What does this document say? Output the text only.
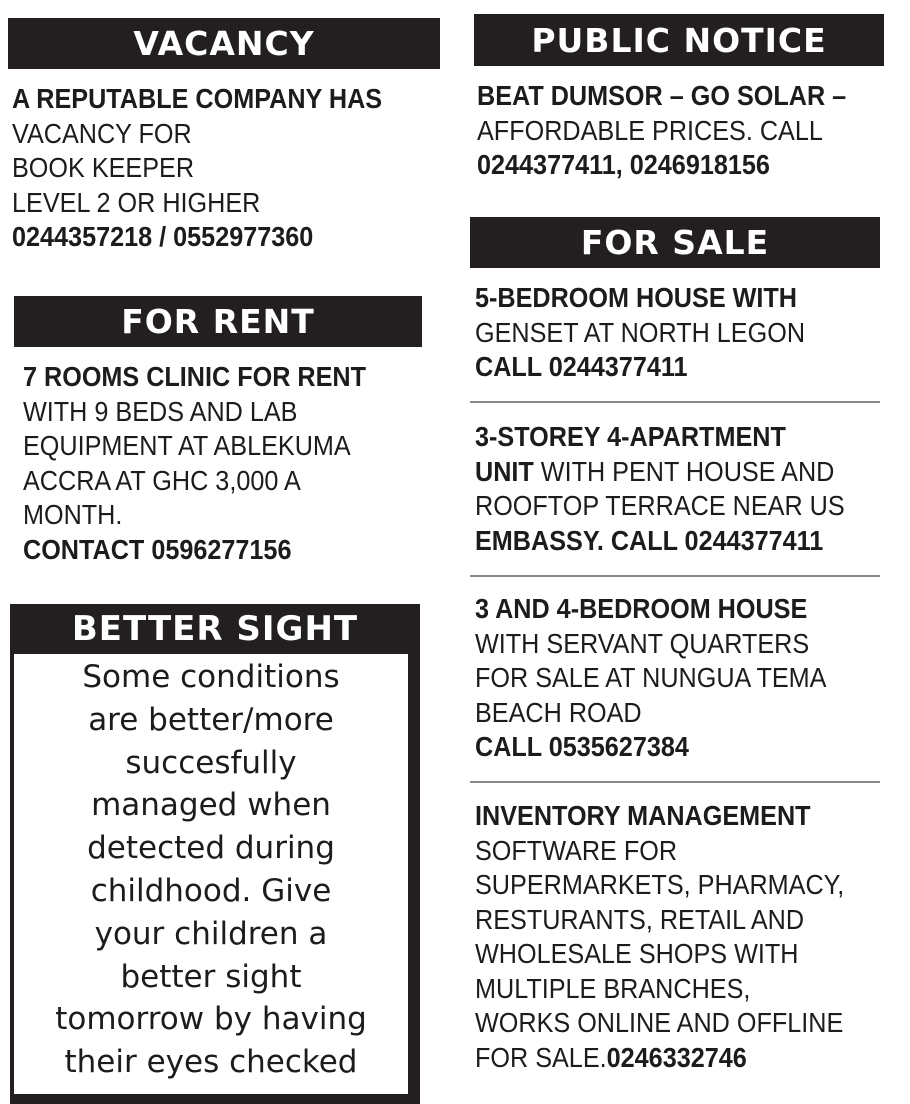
VACANCY
A REPUTABLE COMPANY HAS
VACANCY FOR
BOOK KEEPER
LEVEL 2 OR HIGHER
0244357218 / 0552977360
FOR RENT
7 ROOMS CLINIC FOR RENT
WITH 9 BEDS AND LAB
EQUIPMENT AT ABLEKUMA
ACCRA AT GHC 3,000 A
MONTH.
CONTACT 0596277156
BETTER SIGHT
Some conditions
are better/more
succesfully
managed when
detected during
childhood. Give
your children a
better sight
tomorrow by having
their eyes checked
PUBLIC NOTICE
BEAT DUMSOR – GO SOLAR –
AFFORDABLE PRICES. CALL
0244377411, 0246918156
FOR SALE
5-BEDROOM HOUSE WITH
GENSET AT NORTH LEGON
CALL 0244377411
3-STOREY 4-APARTMENT
UNIT WITH PENT HOUSE AND
ROOFTOP TERRACE NEAR US
EMBASSY. CALL 0244377411
3 AND 4-BEDROOM HOUSE
WITH SERVANT QUARTERS
FOR SALE AT NUNGUA TEMA
BEACH ROAD
CALL 0535627384
INVENTORY MANAGEMENT
SOFTWARE FOR
SUPERMARKETS, PHARMACY,
RESTURANTS, RETAIL AND
WHOLESALE SHOPS WITH
MULTIPLE BRANCHES,
WORKS ONLINE AND OFFLINE
FOR SALE.0246332746
